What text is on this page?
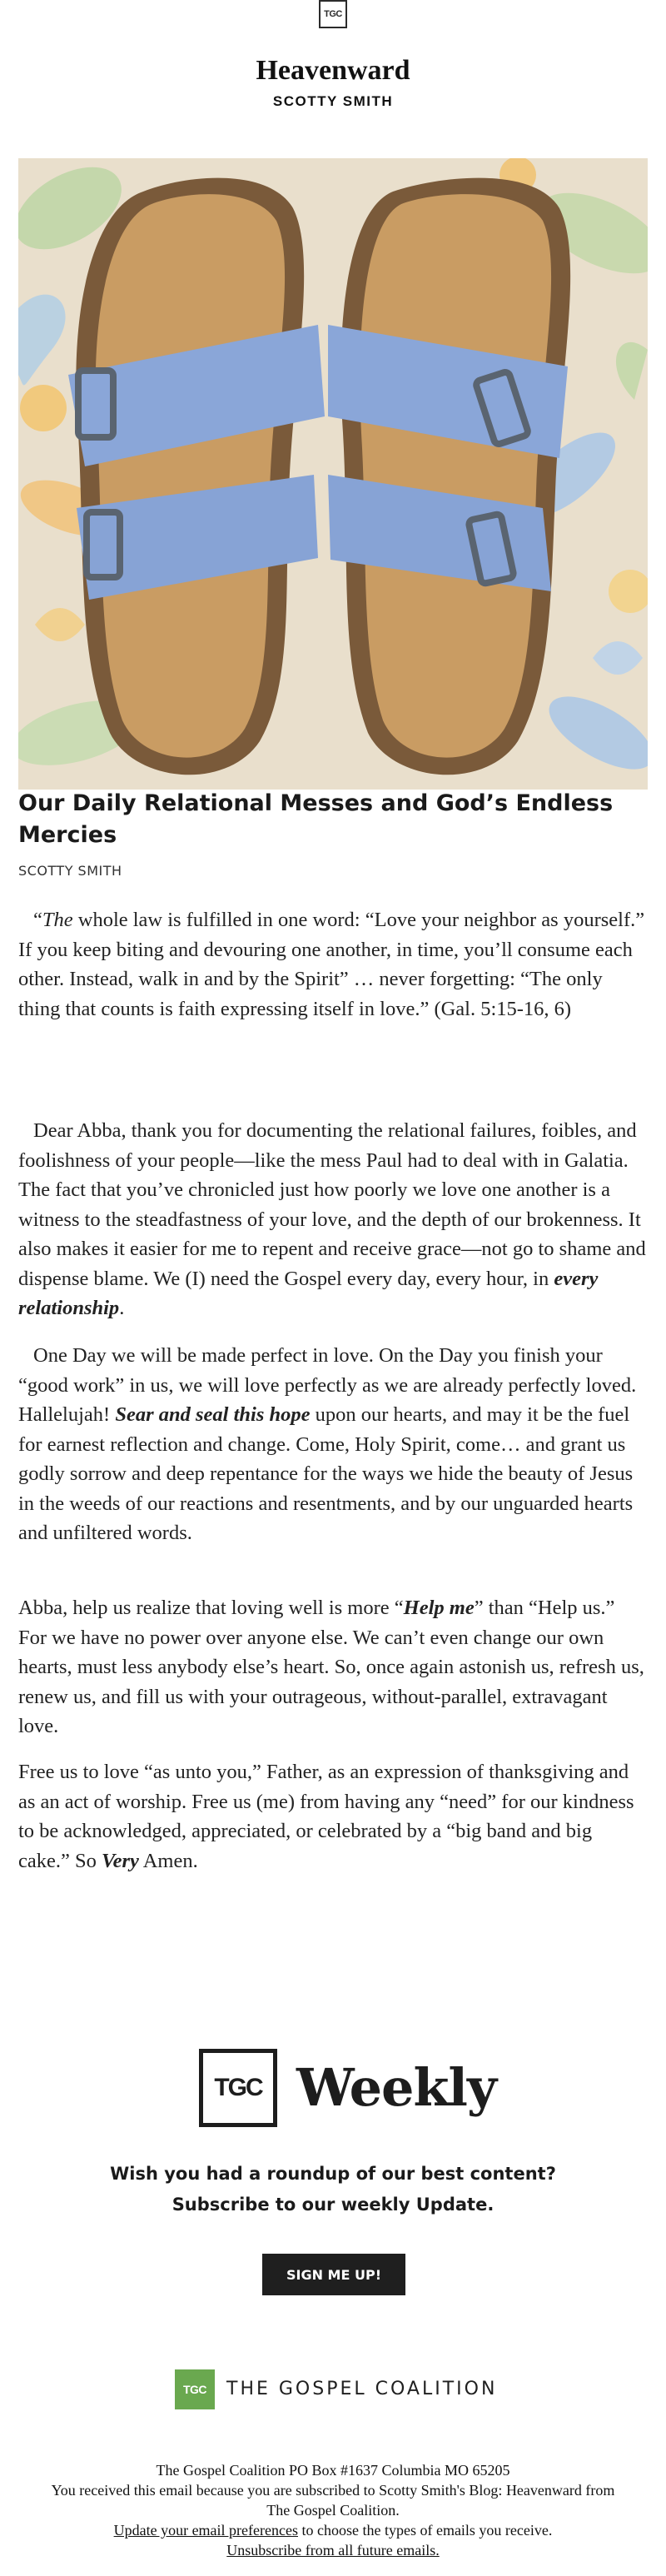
TGC
Heavenward
SCOTTY SMITH
Our Daily Relational Messes and God’s Endless Mercies
SCOTTY SMITH

“The whole law is fulfilled in one word: “Love your neighbor as yourself.” If you keep biting and devouring one another, in time, you’ll consume each other. Instead, walk in and by the Spirit” … never forgetting: “The only thing that counts is faith expressing itself in love.” (Gal. 5:15-16, 6)

Dear Abba, thank you for documenting the relational failures, foibles, and foolishness of your people—like the mess Paul had to deal with in Galatia. The fact that you’ve chronicled just how poorly we love one another is a witness to the steadfastness of your love, and the depth of our brokenness. It also makes it easier for me to repent and receive grace—not go to shame and dispense blame. We (I) need the Gospel every day, every hour, in every relationship.

One Day we will be made perfect in love. On the Day you finish your “good work” in us, we will love perfectly as we are already perfectly loved. Hallelujah! Sear and seal this hope upon our hearts, and may it be the fuel for earnest reflection and change. Come, Holy Spirit, come… and grant us godly sorrow and deep repentance for the ways we hide the beauty of Jesus in the weeds of our reactions and resentments, and by our unguarded hearts and unfiltered words.

Abba, help us realize that loving well is more “Help me” than “Help us.” For we have no power over anyone else. We can’t even change our own hearts, must less anybody else’s heart. So, once again astonish us, refresh us, renew us, and fill us with your outrageous, without-parallel, extravagant love.

Free us to love “as unto you,” Father, as an expression of thanksgiving and as an act of worship. Free us (me) from having any “need” for our kindness to be acknowledged, appreciated, or celebrated by a “big band and big cake.” So Very Amen.

TGC Weekly
Wish you had a roundup of our best content?
Subscribe to our weekly Update.
SIGN ME UP!
TGC THE GOSPEL COALITION
The Gospel Coalition PO Box #1637 Columbia MO 65205
You received this email because you are subscribed to Scotty Smith's Blog: Heavenward from The Gospel Coalition.
Update your email preferences to choose the types of emails you receive.
Unsubscribe from all future emails.
